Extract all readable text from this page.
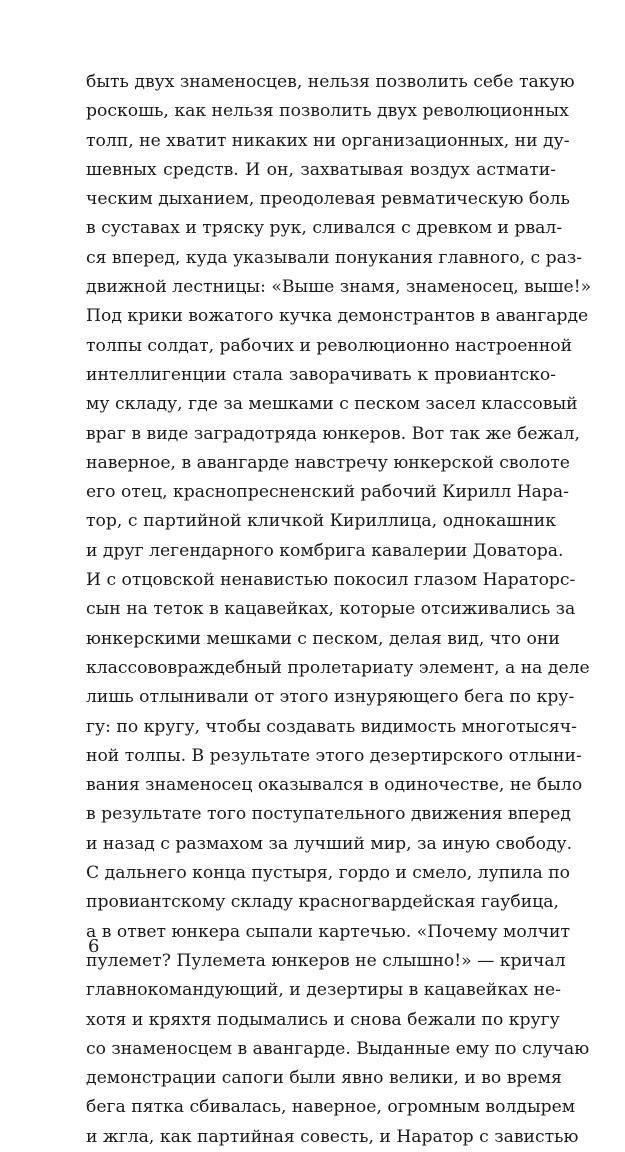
быть двух знаменосцев, нельзя позволить себе такую
роскошь, как нельзя позволить двух революционных
толп, не хватит никаких ни организационных, ни ду-
шевных средств. И он, захватывая воздух астмати-
ческим дыханием, преодолевая ревматическую боль
в суставах и тряску рук, сливался с древком и рвал-
ся вперед, куда указывали понукания главного, с раз-
движной лестницы: «Выше знамя, знаменосец, выше!»
Под крики вожатого кучка демонстрантов в авангарде
толпы солдат, рабочих и революционно настроенной
интеллигенции стала заворачивать к провиантско-
му складу, где за мешками с песком засел классовый
враг в виде заградотряда юнкеров. Вот так же бежал,
наверное, в авангарде навстречу юнкерской сволоте
его отец, краснопресненский рабочий Кирилл Нара-
тор, с партийной кличкой Кириллица, однокашник
и друг легендарного комбрига кавалерии Доватора.
И с отцовской ненавистью покосил глазом Нараторс-
сын на теток в кацавейках, которые отсиживались за
юнкерскими мешками с песком, делая вид, что они
классововраждебный пролетариату элемент, а на деле
лишь отлынивали от этого изнуряющего бега по кру-
гу: по кругу, чтобы создавать видимость многотысяч-
ной толпы. В результате этого дезертирского отлыни-
вания знаменосец оказывался в одиночестве, не было
в результате того поступательного движения вперед
и назад с размахом за лучший мир, за иную свободу.
С дальнего конца пустыря, гордо и смело, лупила по
провиантскому складу красногвардейская гаубица,
а в ответ юнкера сыпали картечью. «Почему молчит
пулемет? Пулемета юнкеров не слышно!» — кричал
главнокомандующий, и дезертиры в кацавейках не-
хотя и кряхтя подымались и снова бежали по кругу
со знаменосцем в авангарде. Выданные ему по случаю
демонстрации сапоги были явно велики, и во время
бега пятка сбивалась, наверное, огромным волдырем
и жгла, как партийная совесть, и Наратор с завистью
6
